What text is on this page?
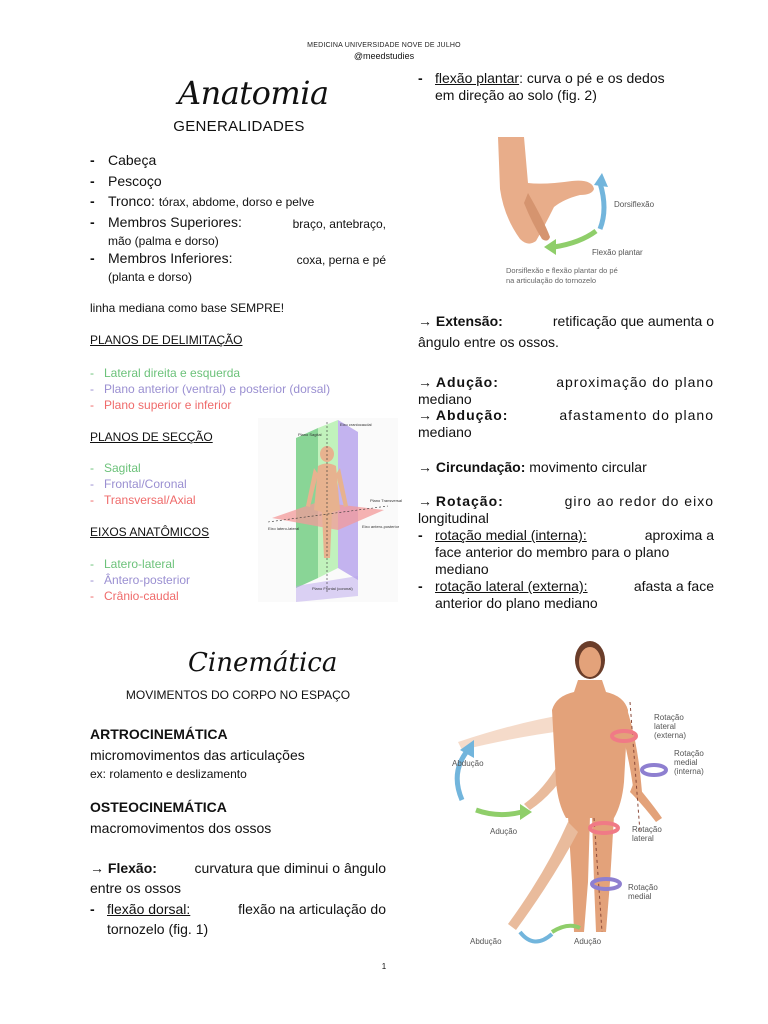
MEDICINA UNIVERSIDADE NOVE DE JULHO
@meedstudies
Anatomia
GENERALIDADES
- Cabeça
- Pescoço
- Tronco: tórax, abdome, dorso e pelve
- Membros Superiores:	braço, antebraço,
mão (palma e dorso)
- Membros Inferiores:	coxa, perna e pé
(planta e dorso)
linha mediana como base SEMPRE!
PLANOS DE DELIMITAÇÃO
- Lateral direita e esquerda
- Plano anterior (ventral) e posterior (dorsal)
- Plano superior e inferior
PLANOS DE SECÇÃO
- Sagital
- Frontal/Coronal
- Transversal/Axial
EIXOS ANATÔMICOS
- Latero-lateral
- Ântero-posterior
- Crânio-caudal
Eixo craniocaudal
Plano Sagital
Plano Transversal
Eixo latero-lateral	Eixo antero-posterior
Plano Frontal (coronal)
- flexão plantar: curva o pé e os dedos
em direção ao solo (fig. 2)
Dorsiflexão
Flexão plantar
Dorsiflexão e flexão plantar do pé
na articulação do tornozelo
→ Extensão:	retificação que aumenta o
ângulo entre os ossos.
→ Adução:	aproximação do plano
mediano
→ Abdução:	afastamento do plano
mediano
→ Circundação: movimento circular
→ Rotação:	giro ao redor do eixo
longitudinal
- rotação medial (interna):	aproxima a
face anterior do membro para o plano
mediano
- rotação lateral (externa):	afasta a face
anterior do plano mediano
Cinemática
MOVIMENTOS DO CORPO NO ESPAÇO
ARTROCINEMÁTICA
micromovimentos das articulações
ex: rolamento e deslizamento
OSTEOCINEMÁTICA
macromovimentos dos ossos
→ Flexão:	curvatura que diminui o ângulo
entre os ossos
- flexão dorsal:	flexão na articulação do
tornozelo (fig. 1)
Abdução
Adução
Rotação
lateral
(externa)
Rotação
medial
(interna)
Rotação
lateral
Rotação
medial
Abdução	Adução
1
